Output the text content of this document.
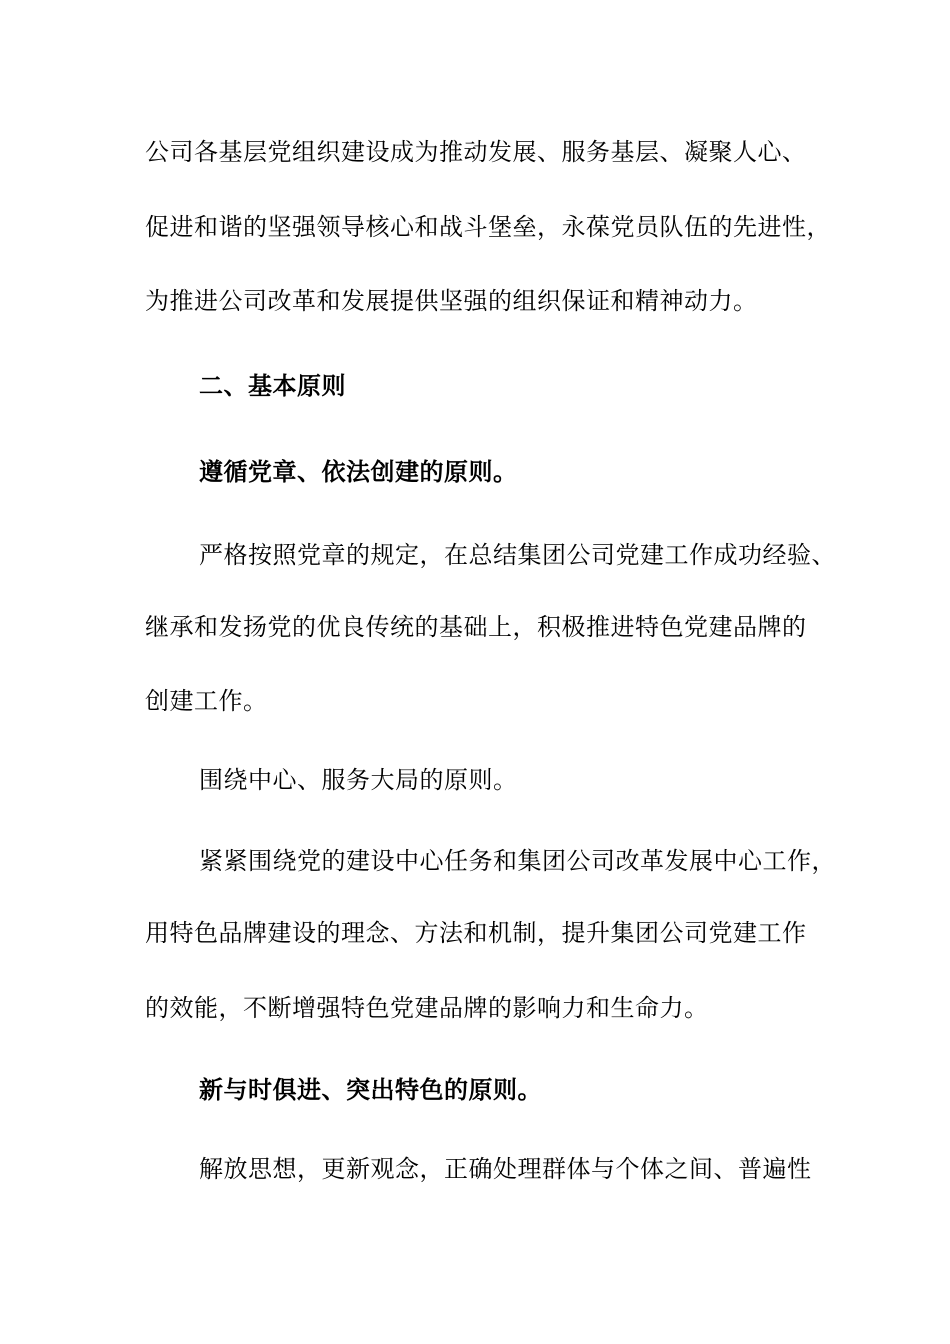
公司各基层党组织建设成为推动发展、服务基层、凝聚人心、
促进和谐的坚强领导核心和战斗堡垒，永葆党员队伍的先进性，
为推进公司改革和发展提供坚强的组织保证和精神动力。
二、基本原则
遵循党章、依法创建的原则。
严格按照党章的规定，在总结集团公司党建工作成功经验、
继承和发扬党的优良传统的基础上，积极推进特色党建品牌的
创建工作。
围绕中心、服务大局的原则。
紧紧围绕党的建设中心任务和集团公司改革发展中心工作，
用特色品牌建设的理念、方法和机制，提升集团公司党建工作
的效能，不断增强特色党建品牌的影响力和生命力。
新与时俱进、突出特色的原则。
解放思想，更新观念，正确处理群体与个体之间、普遍性
